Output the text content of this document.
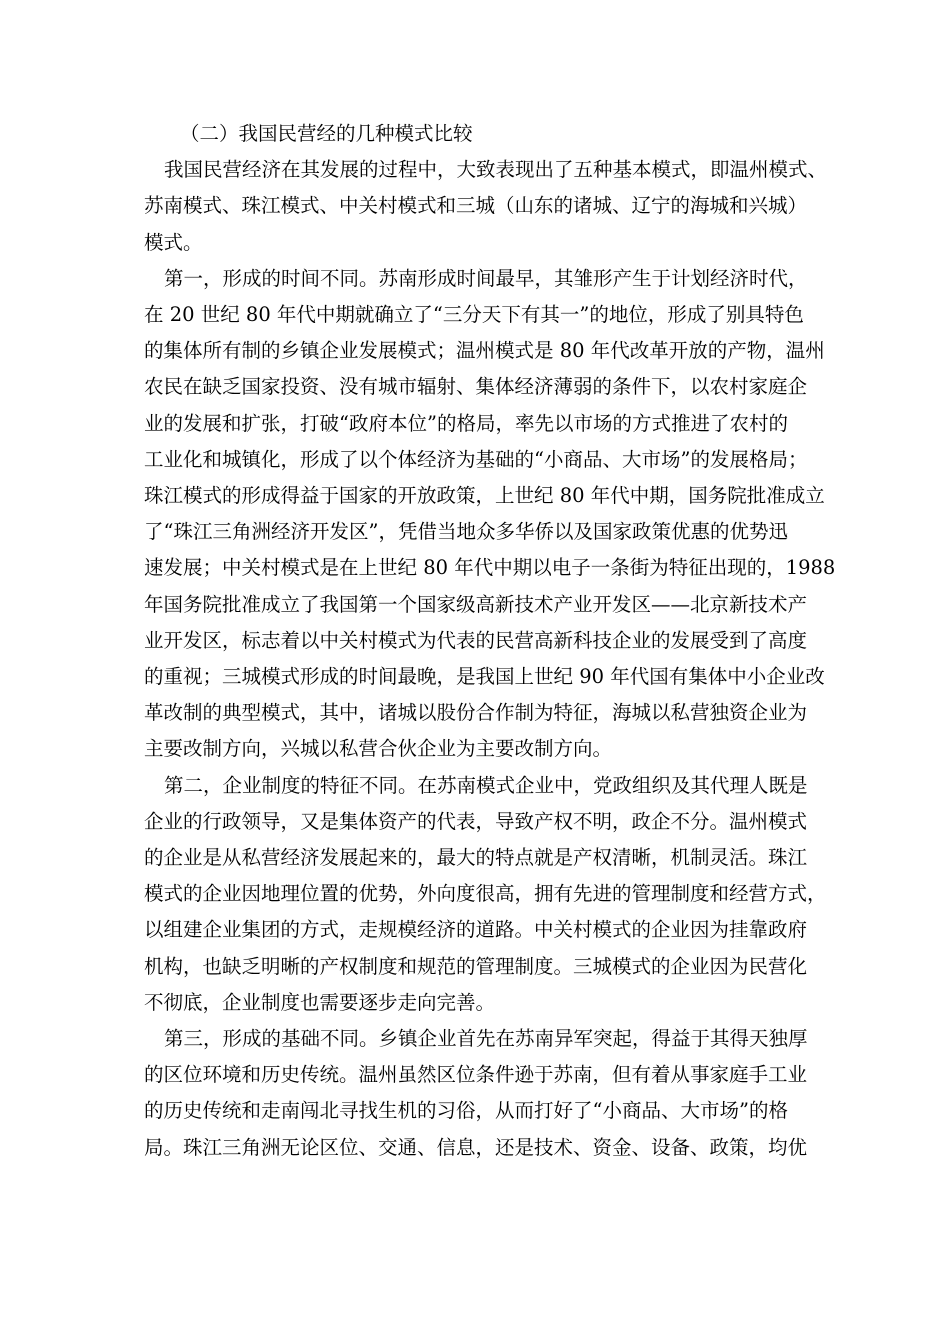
（二）我国民营经的几种模式比较

我国民营经济在其发展的过程中，大致表现出了五种基本模式，即温州模式、
苏南模式、珠江模式、中关村模式和三城（山东的诸城、辽宁的海城和兴城）
模式。

第一，形成的时间不同。苏南形成时间最早，其雏形产生于计划经济时代，
在 20 世纪 80 年代中期就确立了“三分天下有其一”的地位，形成了别具特色
的集体所有制的乡镇企业发展模式；温州模式是 80 年代改革开放的产物，温州
农民在缺乏国家投资、没有城市辐射、集体经济薄弱的条件下，以农村家庭企
业的发展和扩张，打破“政府本位”的格局，率先以市场的方式推进了农村的
工业化和城镇化，形成了以个体经济为基础的“小商品、大市场”的发展格局；
珠江模式的形成得益于国家的开放政策，上世纪 80 年代中期，国务院批准成立
了“珠江三角洲经济开发区”，凭借当地众多华侨以及国家政策优惠的优势迅
速发展；中关村模式是在上世纪 80 年代中期以电子一条街为特征出现的，1988
年国务院批准成立了我国第一个国家级高新技术产业开发区——北京新技术产
业开发区，标志着以中关村模式为代表的民营高新科技企业的发展受到了高度
的重视；三城模式形成的时间最晚，是我国上世纪 90 年代国有集体中小企业改
革改制的典型模式，其中，诸城以股份合作制为特征，海城以私营独资企业为
主要改制方向，兴城以私营合伙企业为主要改制方向。

第二，企业制度的特征不同。在苏南模式企业中，党政组织及其代理人既是
企业的行政领导，又是集体资产的代表，导致产权不明，政企不分。温州模式
的企业是从私营经济发展起来的，最大的特点就是产权清晰，机制灵活。珠江
模式的企业因地理位置的优势，外向度很高，拥有先进的管理制度和经营方式，
以组建企业集团的方式，走规模经济的道路。中关村模式的企业因为挂靠政府
机构，也缺乏明晰的产权制度和规范的管理制度。三城模式的企业因为民营化
不彻底，企业制度也需要逐步走向完善。

第三，形成的基础不同。乡镇企业首先在苏南异军突起，得益于其得天独厚
的区位环境和历史传统。温州虽然区位条件逊于苏南，但有着从事家庭手工业
的历史传统和走南闯北寻找生机的习俗，从而打好了“小商品、大市场”的格
局。珠江三角洲无论区位、交通、信息，还是技术、资金、设备、政策，均优
